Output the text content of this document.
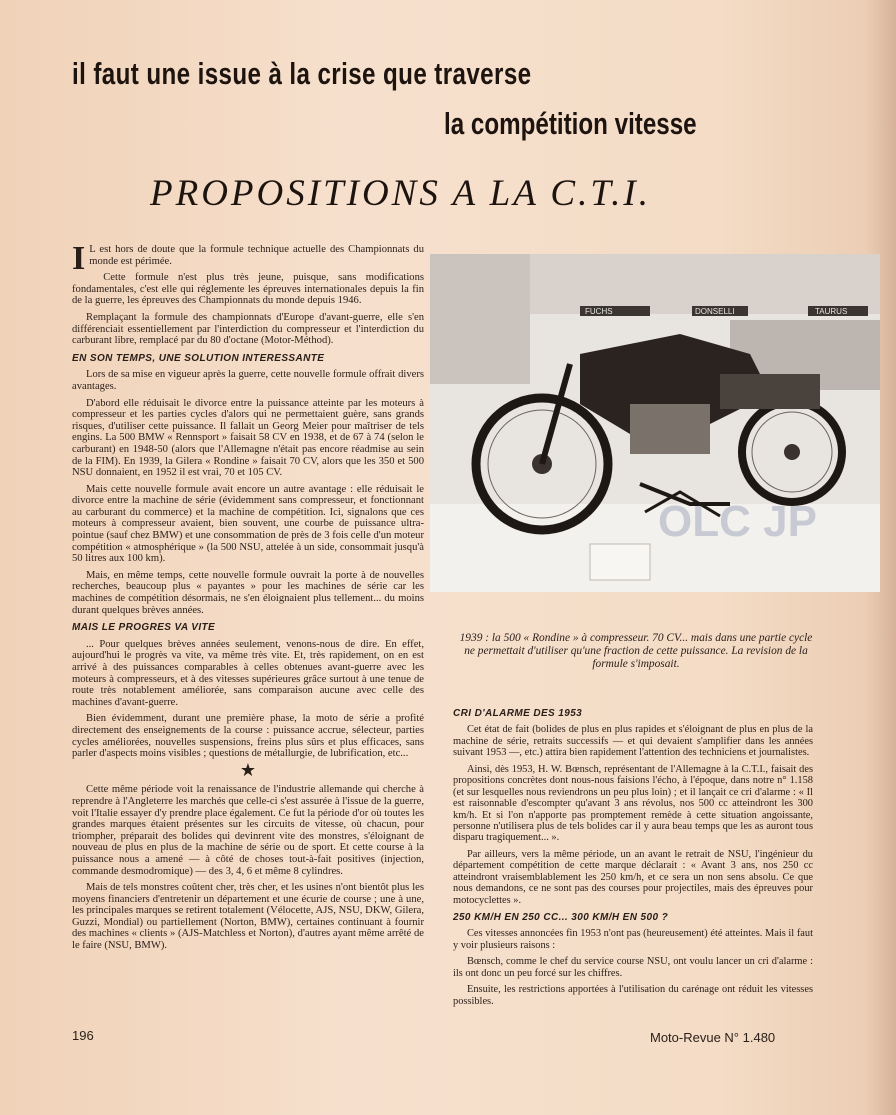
il faut une issue à la crise que traverse
la compétition vitesse
PROPOSITIONS A LA C.T.I.

I L est hors de doute que la formule technique actuelle des Championnats du monde est périmée.

Cette formule n'est plus très jeune, puisque, sans modifications fondamentales, c'est elle qui réglemente les épreuves internationales depuis la fin de la guerre, les épreuves des Championnats du monde depuis 1946.

Remplaçant la formule des championnats d'Europe d'avant-guerre, elle s'en différenciait essentiellement par l'interdiction du compresseur et l'interdiction du carburant libre, remplacé par du 80 d'octane (Motor-Méthod).

EN SON TEMPS, UNE SOLUTION INTERESSANTE

Lors de sa mise en vigueur après la guerre, cette nouvelle formule offrait divers avantages.

D'abord elle réduisait le divorce entre la puissance atteinte par les moteurs à compresseur et les parties cycles d'alors qui ne permettaient guère, sans grands risques, d'utiliser cette puissance. Il fallait un Georg Meier pour maîtriser de tels engins. La 500 BMW « Rennsport » faisait 58 CV en 1938, et de 67 à 74 (selon le carburant) en 1948-50 (alors que l'Allemagne n'était pas encore réadmise au sein de la FIM). En 1939, la Gilera « Rondine » faisait 70 CV, alors que les 350 et 500 NSU donnaient, en 1952 il est vrai, 70 et 105 CV.

Mais cette nouvelle formule avait encore un autre avantage : elle réduisait le divorce entre la machine de série (évidemment sans compresseur, et fonctionnant au carburant du commerce) et la machine de compétition. Ici, signalons que ces moteurs à compresseur avaient, bien souvent, une courbe de puissance ultra-pointue (sauf chez BMW) et une consommation de près de 3 fois celle d'un moteur compétition « atmosphérique » (la 500 NSU, attelée à un side, consommait jusqu'à 50 litres aux 100 km).

Mais, en même temps, cette nouvelle formule ouvrait la porte à de nouvelles recherches, beaucoup plus « payantes » pour les machines de série car les machines de compétition désormais, ne s'en éloignaient plus tellement... du moins durant quelques brèves années.

MAIS LE PROGRES VA VITE

... Pour quelques brèves années seulement, venons-nous de dire. En effet, aujourd'hui le progrès va vite, va même très vite. Et, très rapidement, on en est arrivé à des puissances comparables à celles obtenues avant-guerre avec les moteurs à compresseurs, et à des vitesses supérieures grâce surtout à une tenue de route très notablement améliorée, sans comparaison aucune avec celle des machines d'avant-guerre.

Bien évidemment, durant une première phase, la moto de série a profité directement des enseignements de la course : puissance accrue, sélecteur, parties cycles améliorées, nouvelles suspensions, freins plus sûrs et plus efficaces, sans parler d'aspects moins visibles ; questions de métallurgie, de lubrification, etc...

★

Cette même période voit la renaissance de l'industrie allemande qui cherche à reprendre à l'Angleterre les marchés que celle-ci s'est assurée à l'issue de la guerre, voit l'Italie essayer d'y prendre place également. Ce fut la période d'or où toutes les grandes marques étaient présentes sur les circuits de vitesse, où chacun, pour triompher, préparait des bolides qui devinrent vite des monstres, s'éloignant de nouveau de plus en plus de la machine de série ou de sport. Et cette course à la puissance nous a amené — à côté de choses tout-à-fait positives (injection, commande desmodromique) — des 3, 4, 6 et même 8 cylindres.

Mais de tels monstres coûtent cher, très cher, et les usines n'ont bientôt plus les moyens financiers d'entretenir un département et une écurie de course ; une à une, les principales marques se retirent totalement (Vélocette, AJS, NSU, DKW, Gilera, Guzzi, Mondial) ou partiellement (Norton, BMW), certaines continuant à fournir des machines « clients » (AJS-Matchless et Norton), d'autres ayant même arrêté de le faire (NSU, BMW).

FUCHS	DONSELLI	TAURUS
OLC JP
1939 : la 500 « Rondine » à compresseur. 70 CV... mais dans une partie cycle ne permettait d'utiliser qu'une fraction de cette puissance. La revision de la formule s'imposait.
CRI D'ALARME DES 1953

Cet état de fait (bolides de plus en plus rapides et s'éloignant de plus en plus de la machine de série, retraits successifs — et qui devaient s'amplifier dans les années suivant 1953 —, etc.) attira bien rapidement l'attention des techniciens et journalistes.

Ainsi, dès 1953, H. W. Bœnsch, représentant de l'Allemagne à la C.T.I., faisait des propositions concrètes dont nous-nous faisions l'écho, à l'époque, dans notre n° 1.158 (et sur lesquelles nous reviendrons un peu plus loin) ; et il lançait ce cri d'alarme : « Il est raisonnable d'escompter qu'avant 3 ans révolus, nos 500 cc atteindront les 300 km/h. Et si l'on n'apporte pas promptement remède à cette situation angoissante, personne n'utilisera plus de tels bolides car il y aura beau temps que les as auront tous disparu tragiquement... ».

Par ailleurs, vers la même période, un an avant le retrait de NSU, l'ingénieur du département compétition de cette marque déclarait : « Avant 3 ans, nos 250 cc atteindront vraisemblablement les 250 km/h, et ce sera un non sens absolu. Ce que nous demandons, ce ne sont pas des courses pour projectiles, mais des épreuves pour motocyclettes ».

250 KM/H EN 250 CC... 300 KM/H EN 500 ?

Ces vitesses annoncées fin 1953 n'ont pas (heureusement) été atteintes. Mais il faut y voir plusieurs raisons :

Bœnsch, comme le chef du service course NSU, ont voulu lancer un cri d'alarme : ils ont donc un peu forcé sur les chiffres.

Ensuite, les restrictions apportées à l'utilisation du carénage ont réduit les vitesses possibles.

196	Moto-Revue N° 1.480
